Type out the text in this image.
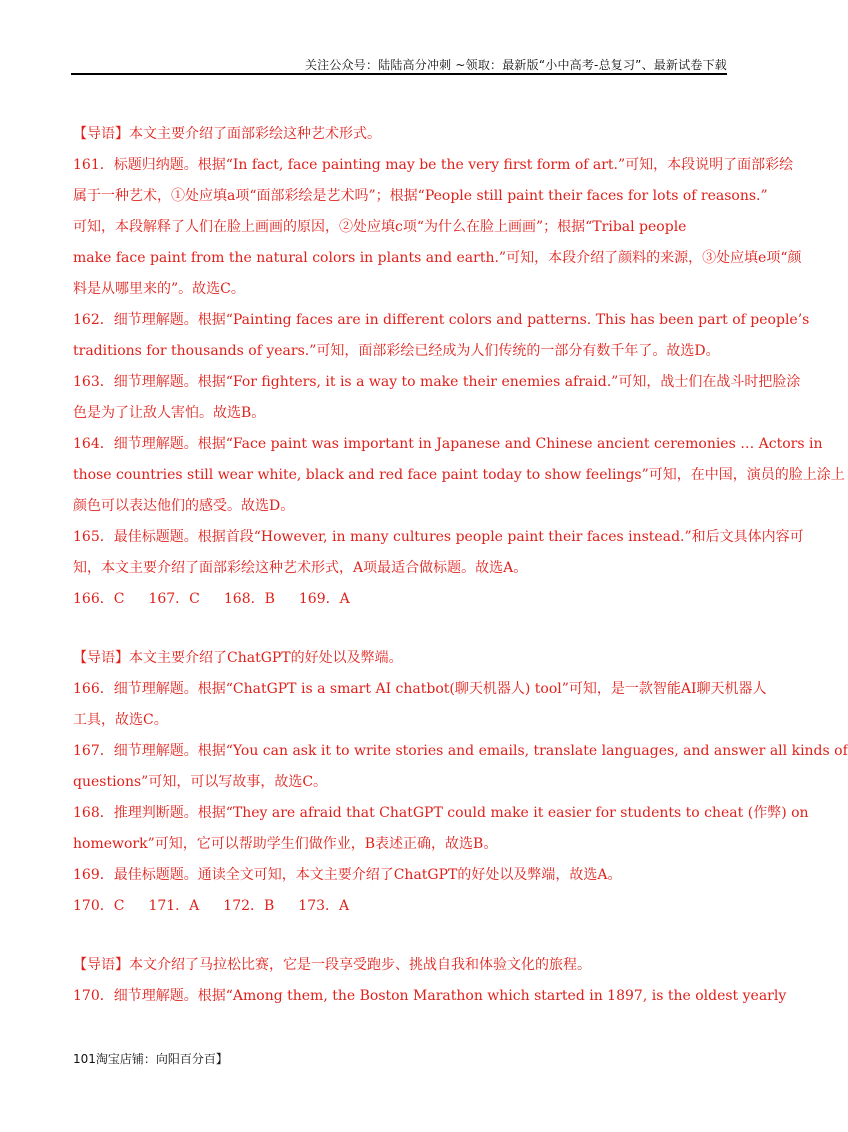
关注公众号：陆陆高分冲刺 ~领取：最新版“小中高考-总复习”、最新试卷下载
【导语】本文主要介绍了面部彩绘这种艺术形式。
161．标题归纳题。根据“In fact, face painting may be the very first form of art.”可知，本段说明了面部彩绘
属于一种艺术，①处应填a项“面部彩绘是艺术吗”；根据“People still paint their faces for lots of reasons.”
可知，本段解释了人们在脸上画画的原因，②处应填c项“为什么在脸上画画”；根据“Tribal people
make face paint from the natural colors in plants and earth.”可知，本段介绍了颜料的来源，③处应填e项“颜
料是从哪里来的”。故选C。
162．细节理解题。根据“Painting faces are in different colors and patterns. This has been part of people’s
traditions for thousands of years.”可知，面部彩绘已经成为人们传统的一部分有数千年了。故选D。
163．细节理解题。根据“For fighters, it is a way to make their enemies afraid.”可知，战士们在战斗时把脸涂
色是为了让敌人害怕。故选B。
164．细节理解题。根据“Face paint was important in Japanese and Chinese ancient ceremonies … Actors in
those countries still wear white, black and red face paint today to show feelings”可知，在中国，演员的脸上涂上
颜色可以表达他们的感受。故选D。
165．最佳标题题。根据首段“However, in many cultures people paint their faces instead.”和后文具体内容可
知，本文主要介绍了面部彩绘这种艺术形式，A项最适合做标题。故选A。
166．C 167．C 168．B 169．A
【导语】本文主要介绍了ChatGPT的好处以及弊端。
166．细节理解题。根据“ChatGPT is a smart AI chatbot(聊天机器人) tool”可知，是一款智能AI聊天机器人
工具，故选C。
167．细节理解题。根据“You can ask it to write stories and emails, translate languages, and answer all kinds of
questions”可知，可以写故事，故选C。
168．推理判断题。根据“They are afraid that ChatGPT could make it easier for students to cheat (作弊) on
homework”可知，它可以帮助学生们做作业，B表述正确，故选B。
169．最佳标题题。通读全文可知，本文主要介绍了ChatGPT的好处以及弊端，故选A。
170．C 171．A 172．B 173．A
【导语】本文介绍了马拉松比赛，它是一段享受跑步、挑战自我和体验文化的旅程。
170．细节理解题。根据“Among them, the Boston Marathon which started in 1897, is the oldest yearly
101淘宝店铺：向阳百分百】
